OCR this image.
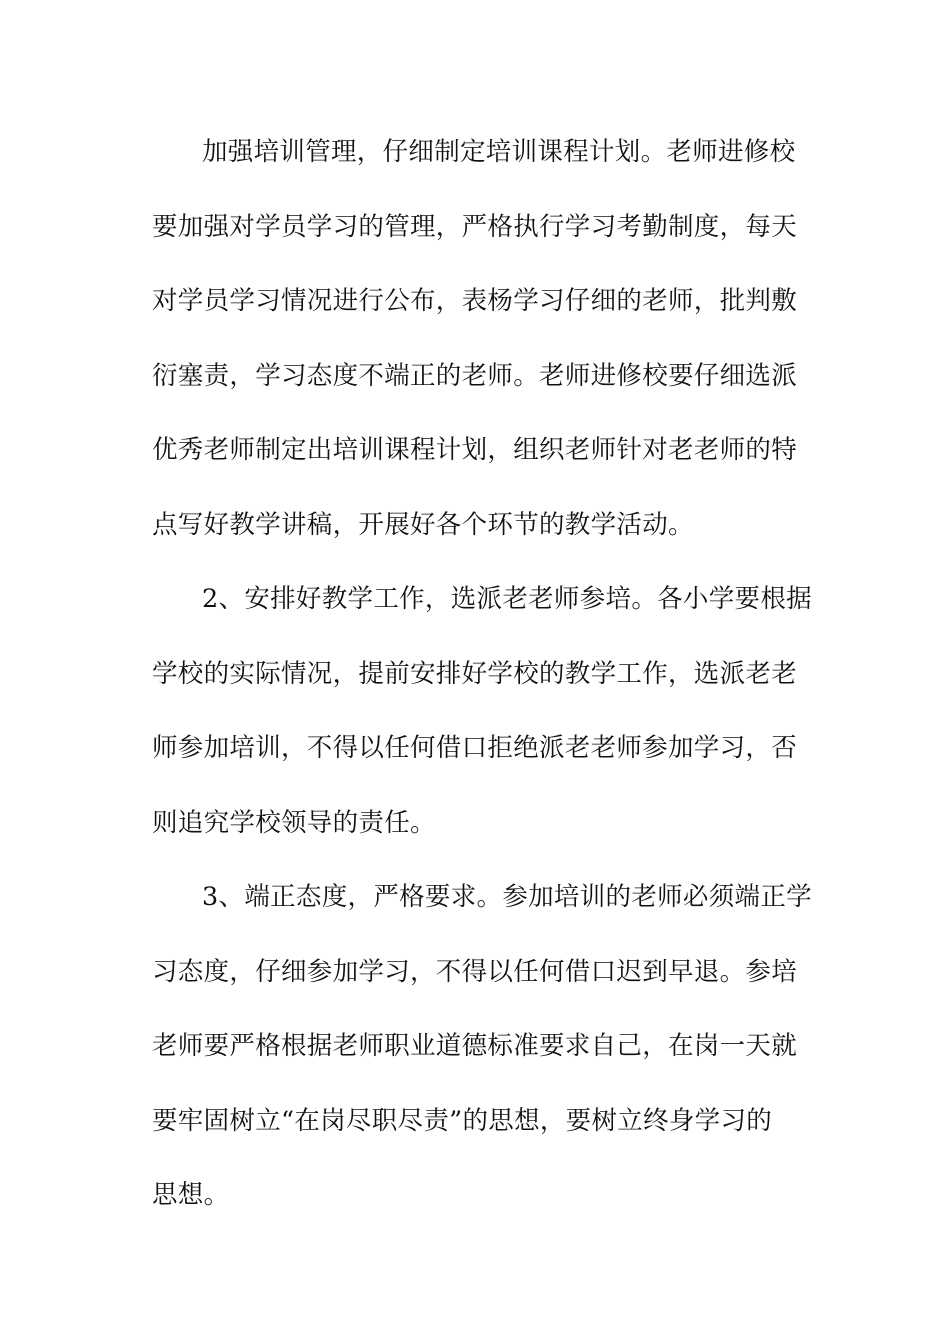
加强培训管理，仔细制定培训课程计划。老师进修校
要加强对学员学习的管理，严格执行学习考勤制度，每天
对学员学习情况进行公布，表杨学习仔细的老师，批判敷
衍塞责，学习态度不端正的老师。老师进修校要仔细选派
优秀老师制定出培训课程计划，组织老师针对老老师的特
点写好教学讲稿，开展好各个环节的教学活动。
2、安排好教学工作，选派老老师参培。各小学要根据
学校的实际情况，提前安排好学校的教学工作，选派老老
师参加培训，不得以任何借口拒绝派老老师参加学习，否
则追究学校领导的责任。
3、端正态度，严格要求。参加培训的老师必须端正学
习态度，仔细参加学习，不得以任何借口迟到早退。参培
老师要严格根据老师职业道德标准要求自己，在岗一天就
要牢固树立“在岗尽职尽责”的思想，要树立终身学习的
思想。
